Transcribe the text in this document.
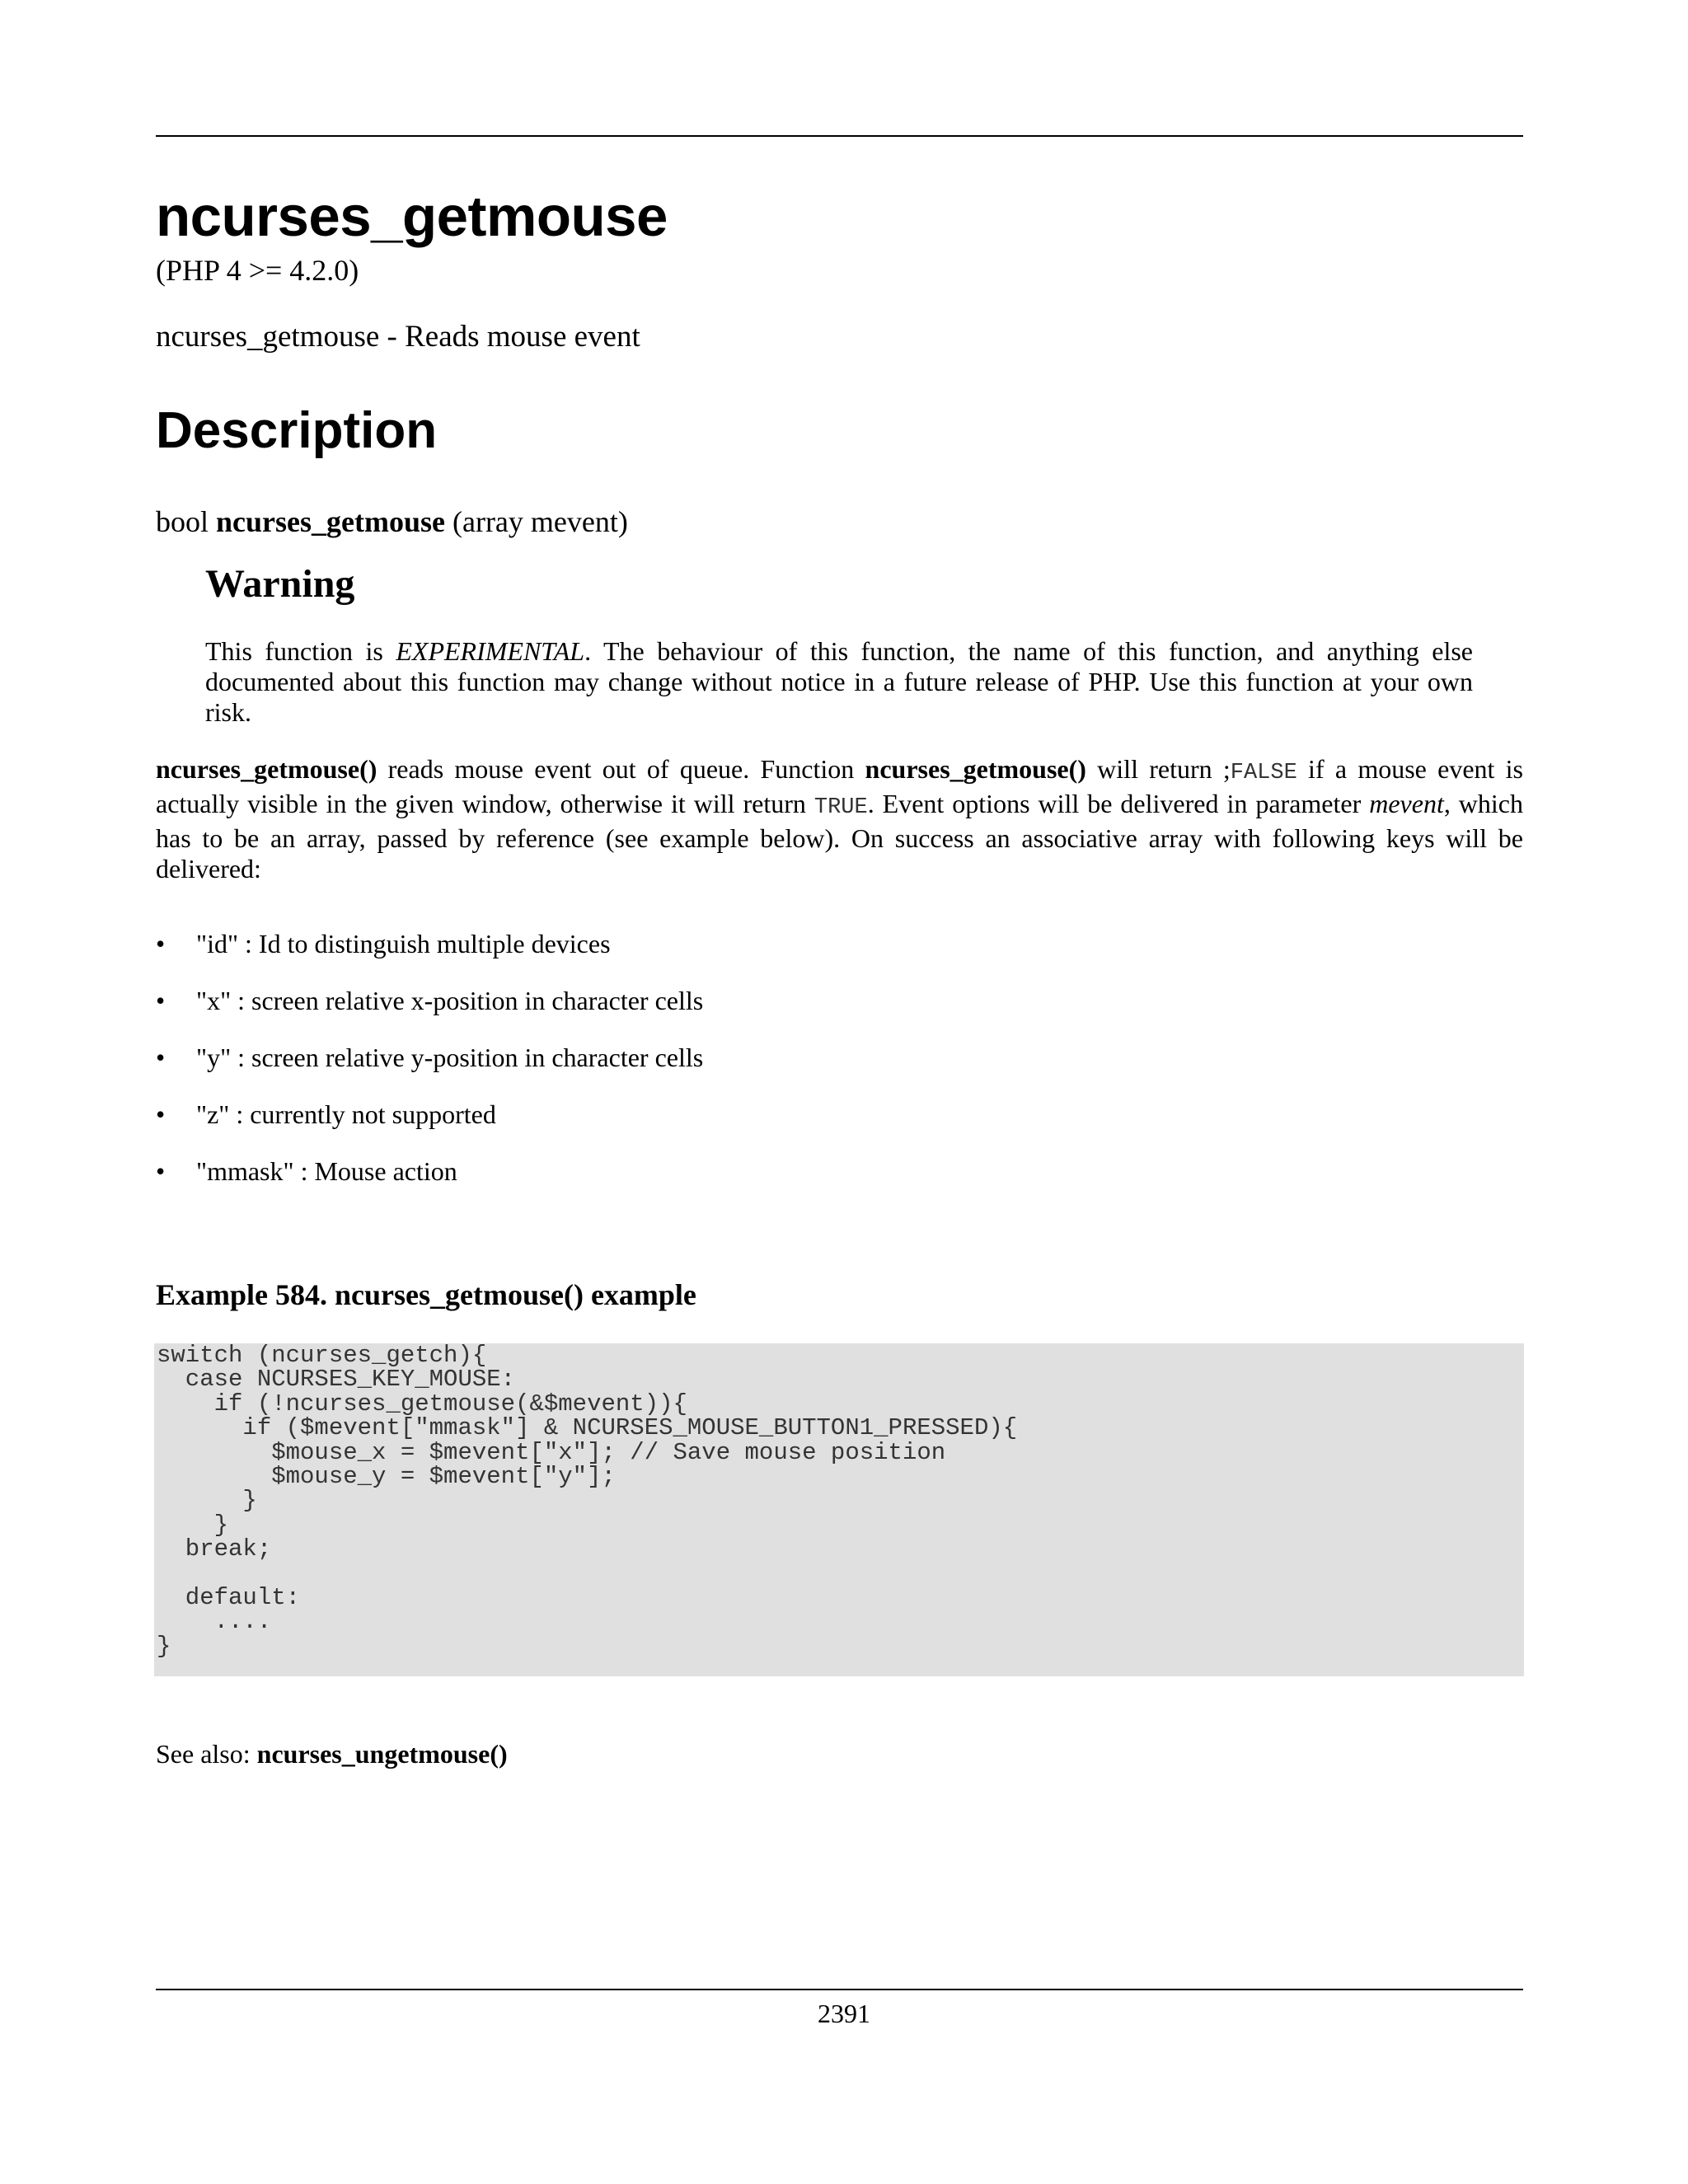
ncurses_getmouse
(PHP 4 >= 4.2.0)
ncurses_getmouse - Reads mouse event
Description
bool ncurses_getmouse (array mevent)
Warning

This function is EXPERIMENTAL. The behaviour of this function, the name of this function, and anything else documented about this function may change without notice in a future release of PHP. Use this function at your own risk.

ncurses_getmouse() reads mouse event out of queue. Function ncurses_getmouse() will return ;FALSE if a mouse event is actually visible in the given window, otherwise it will return TRUE. Event options will be delivered in parameter mevent, which has to be an array, passed by reference (see example below). On success an associative array with following keys will be delivered:

• "id" : Id to distinguish multiple devices
• "x" : screen relative x-position in character cells
• "y" : screen relative y-position in character cells
• "z" : currently not supported
• "mmask" : Mouse action
Example 584. ncurses_getmouse() example
switch (ncurses_getch){
case NCURSES_KEY_MOUSE:
if (!ncurses_getmouse(&$mevent)){
if ($mevent["mmask"] & NCURSES_MOUSE_BUTTON1_PRESSED){
$mouse_x = $mevent["x"]; // Save mouse position
$mouse_y = $mevent["y"];
}
}
break;

default:
....
}
See also: ncurses_ungetmouse()
2391
